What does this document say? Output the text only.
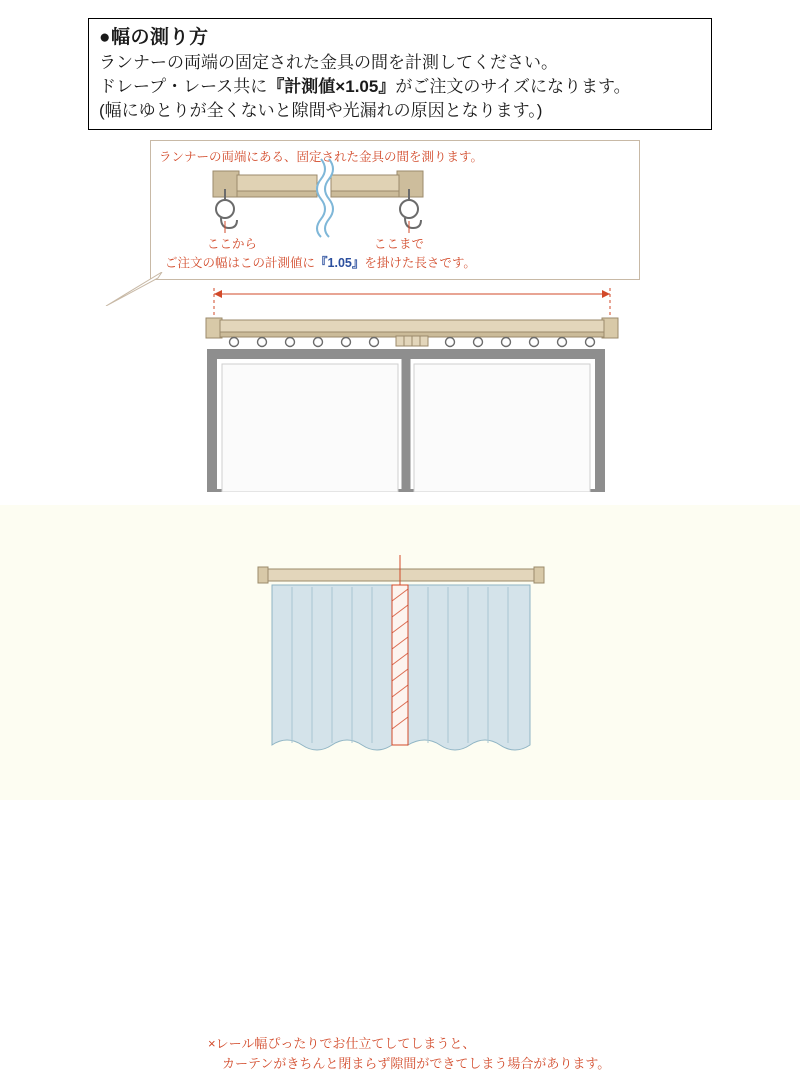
●幅の測り方
ランナーの両端の固定された金具の間を計測してください。
ドレープ・レース共に『計測値×1.05』がご注文のサイズになります。
(幅にゆとりが全くないと隙間や光漏れの原因となります。)
ランナーの両端にある、固定された金具の間を測ります。
ここから	ここまで
ご注文の幅はこの計測値に『1.05』を掛けた長さです。
×レール幅ぴったりでお仕立てしてしまうと、
カーテンがきちんと閉まらず隙間ができてしまう場合があります。
